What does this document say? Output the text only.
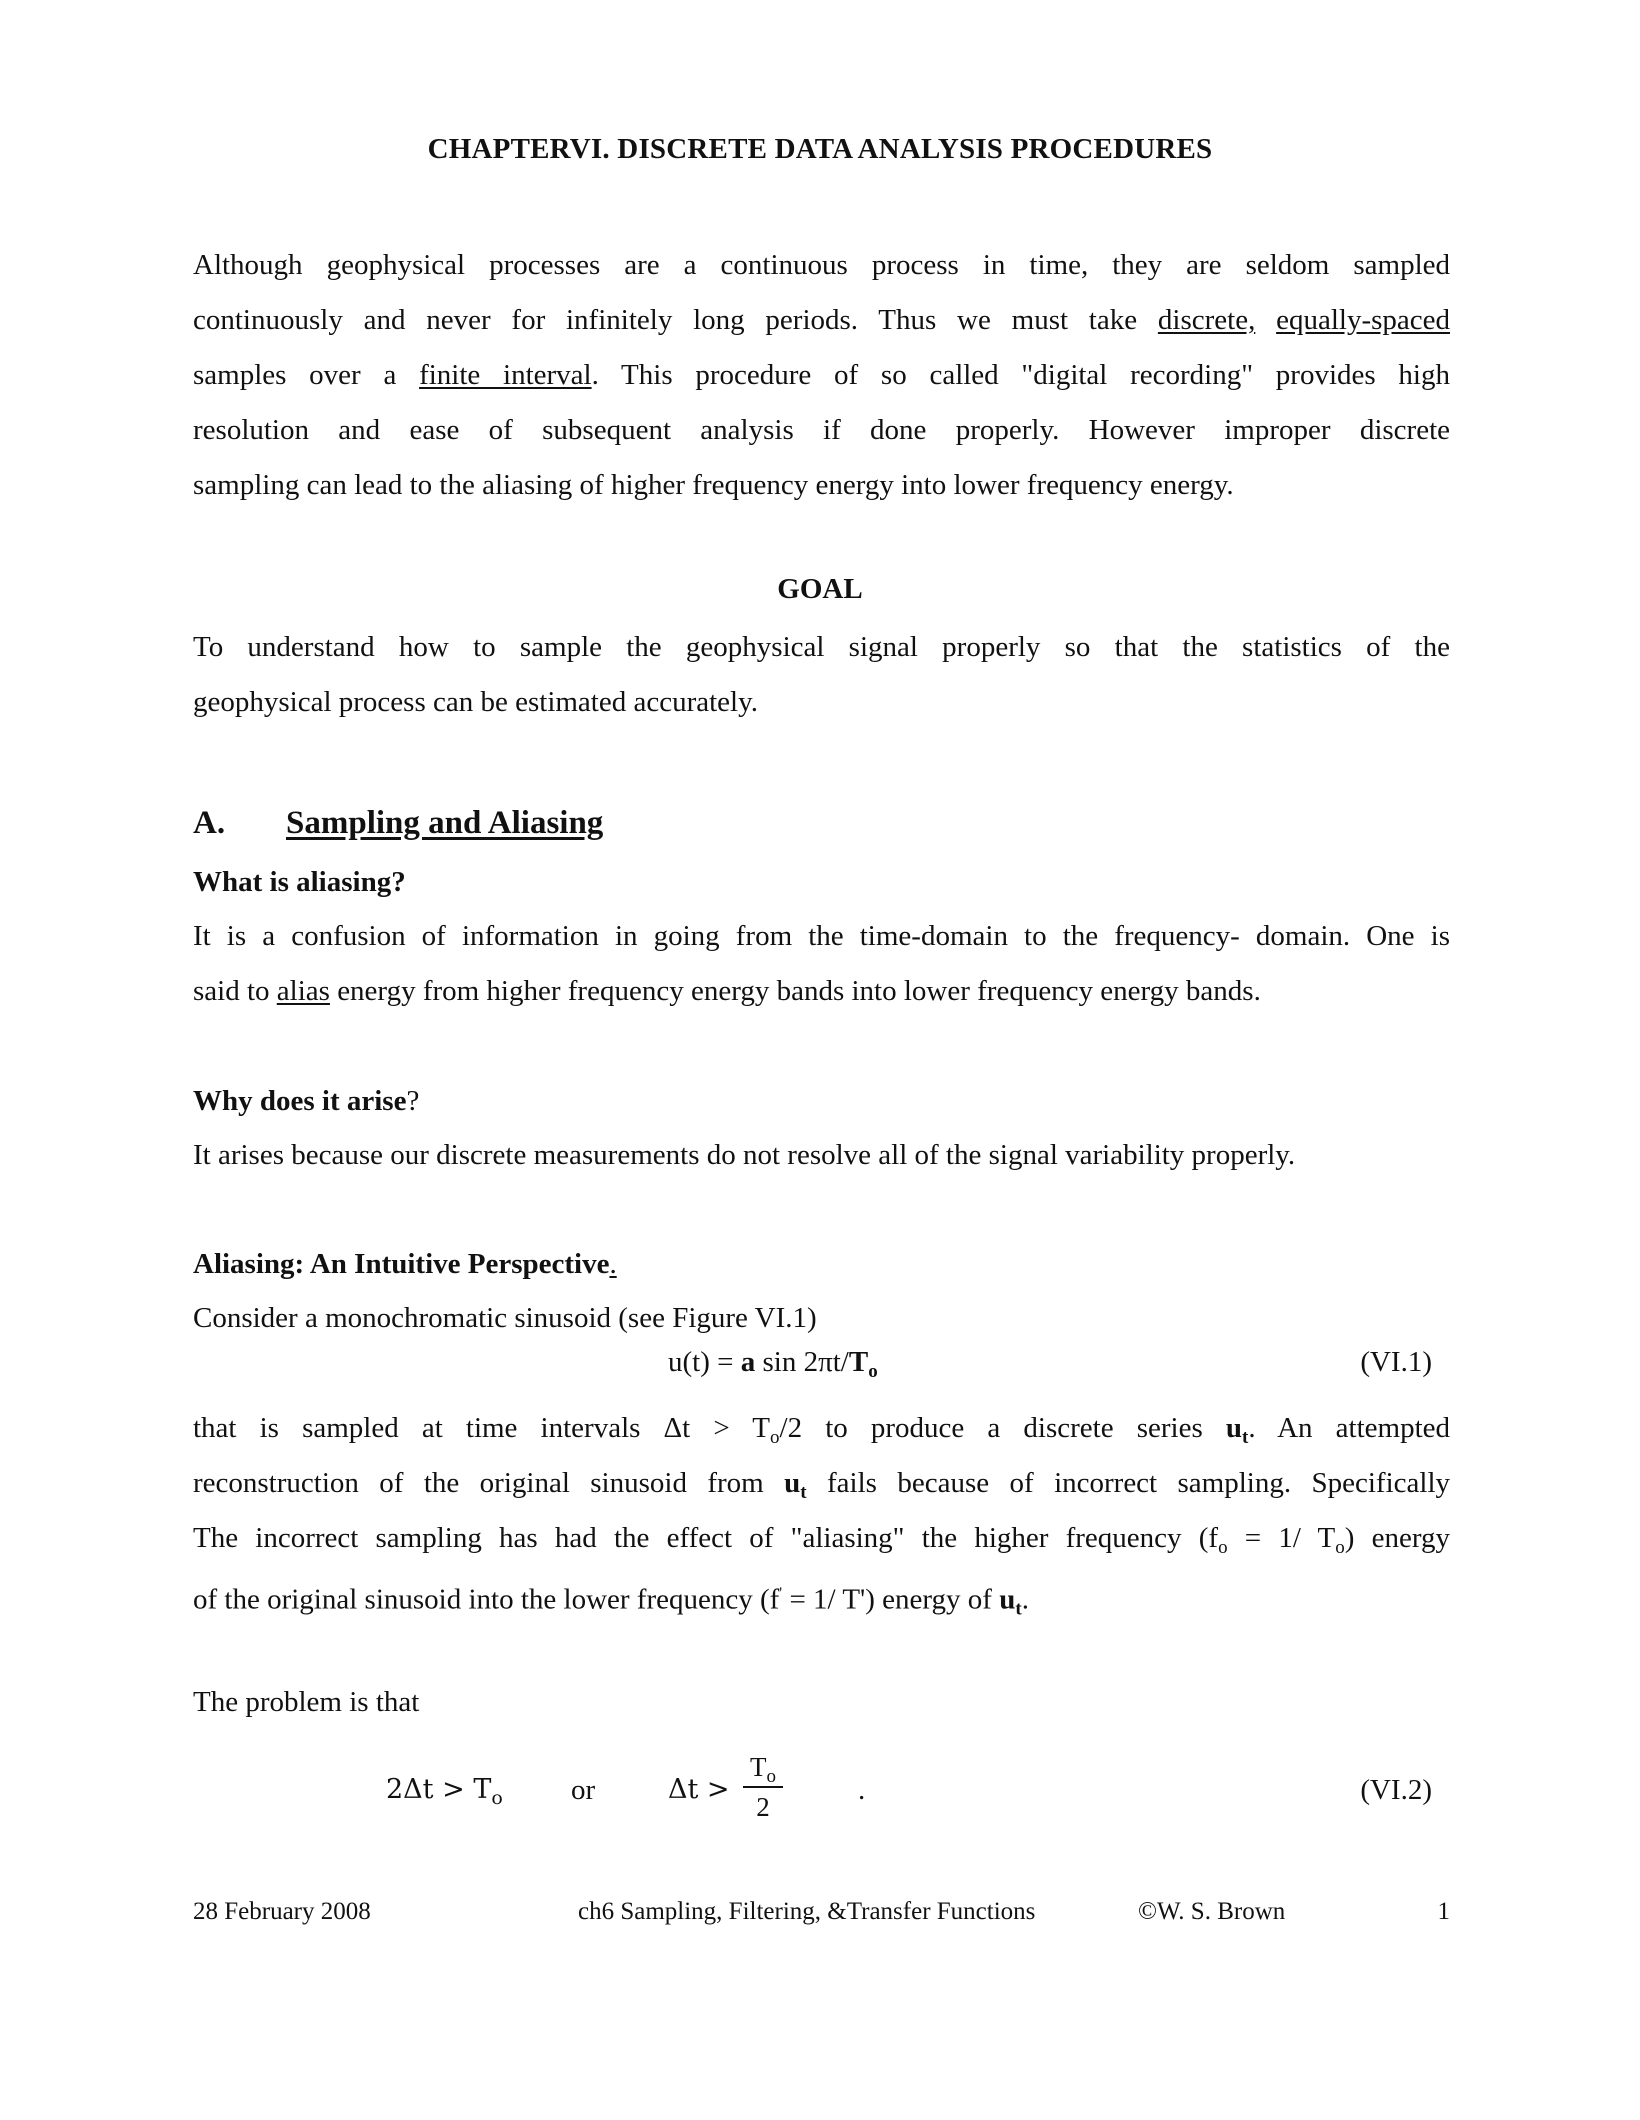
CHAPTERVI. DISCRETE DATA ANALYSIS PROCEDURES
Although geophysical processes are a continuous process in time, they are seldom sampled
continuously and never for infinitely long periods. Thus we must take discrete, equally-spaced
samples over a finite interval. This procedure of so called "digital recording" provides high
resolution and ease of subsequent analysis if done properly. However improper discrete
sampling can lead to the aliasing of higher frequency energy into lower frequency energy.
GOAL
To understand how to sample the geophysical signal properly so that the statistics of the
geophysical process can be estimated accurately.
A. Sampling and Aliasing
What is aliasing?
It is a confusion of information in going from the time-domain to the frequency- domain. One is
said to alias energy from higher frequency energy bands into lower frequency energy bands.
Why does it arise?
It arises because our discrete measurements do not resolve all of the signal variability properly.
Aliasing: An Intuitive Perspective.
Consider a monochromatic sinusoid (see Figure VI.1)
u(t) = a $\sin 2\pi t/T_o$	(VI.1)
that is sampled at time intervals $\Delta t > T_o/2$ to produce a discrete series $u_t$. An attempted
reconstruction of the original sinusoid from $u_t$ fails because of incorrect sampling. Specifically
The incorrect sampling has had the effect of "aliasing" the higher frequency ($f_o = 1/$ $T_o$) energy
of the original sinusoid into the lower frequency (f' = 1/ T') energy of $u_t$.
The problem is that
$2\Delta t > T_o$ or	Δt >
$T_o$
2
.	(VI.2)
28 February 2008	ch6 Sampling, Filtering, &Transfer Functions	©W. S. Brown	1
